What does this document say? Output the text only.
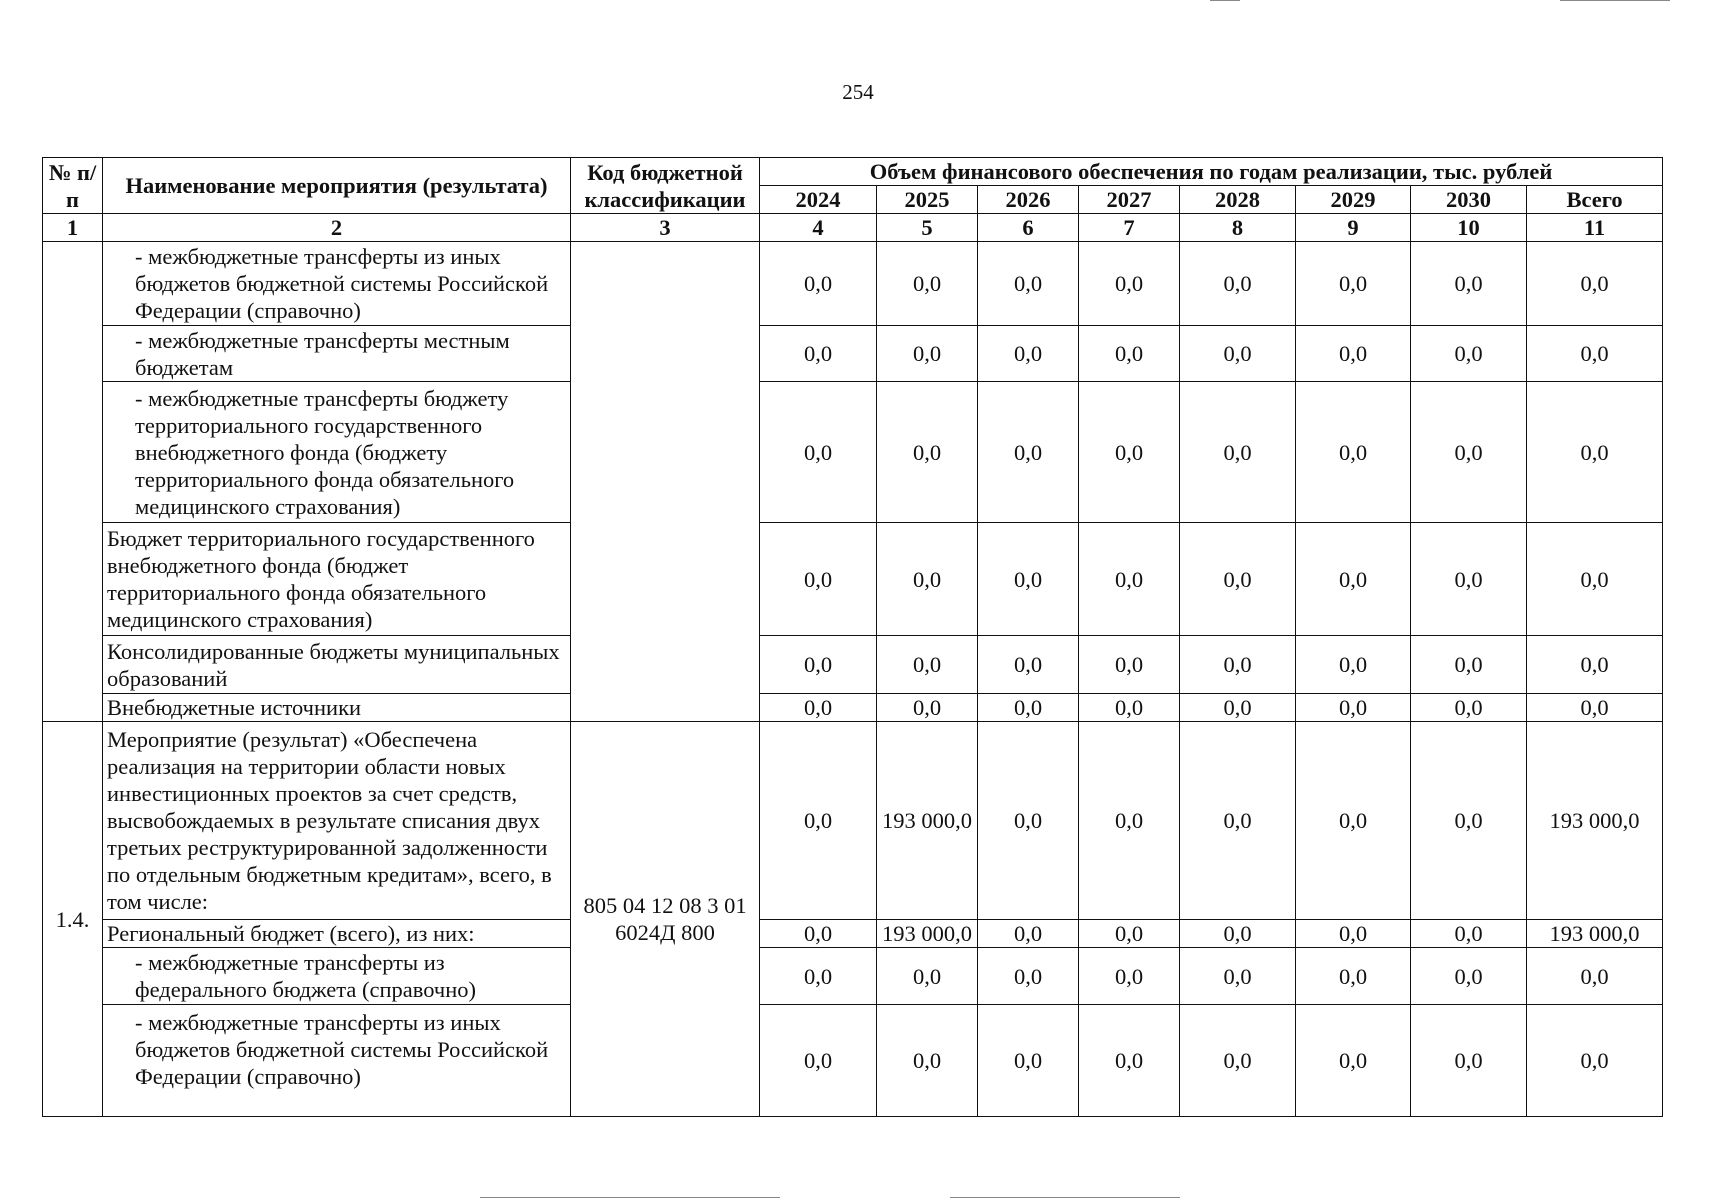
254
№ п/п	Наименование мероприятия (результата)	Код бюджетной классификации	Объем финансового обеспечения по годам реализации, тыс. рублей							
			2024	2025	2026	2027	2028	2029	2030	Всего
1	2	3	4	5	6	7	8	9	10	11
	- межбюджетные трансферты из иных бюджетов бюджетной системы Российской Федерации (справочно)		0,0	0,0	0,0	0,0	0,0	0,0	0,0	0,0
	- межбюджетные трансферты местным бюджетам		0,0	0,0	0,0	0,0	0,0	0,0	0,0	0,0
	- межбюджетные трансферты бюджету территориального государственного внебюджетного фонда (бюджету территориального фонда обязательного медицинского страхования)		0,0	0,0	0,0	0,0	0,0	0,0	0,0	0,0
	Бюджет территориального государственного внебюджетного фонда (бюджет территориального фонда обязательного медицинского страхования)		0,0	0,0	0,0	0,0	0,0	0,0	0,0	0,0
	Консолидированные бюджеты муниципальных образований		0,0	0,0	0,0	0,0	0,0	0,0	0,0	0,0
	Внебюджетные источники		0,0	0,0	0,0	0,0	0,0	0,0	0,0	0,0
1.4.	Мероприятие (результат) «Обеспечена реализация на территории области новых инвестиционных проектов за счет средств, высвобождаемых в результате списания двух третьих реструктурированной задолженности по отдельным бюджетным кредитам», всего, в том числе:	805 04 12 08 3 01 6024Д 800	0,0	193 000,0	0,0	0,0	0,0	0,0	0,0	193 000,0
	Региональный бюджет (всего), из них:		0,0	193 000,0	0,0	0,0	0,0	0,0	0,0	193 000,0
	- межбюджетные трансферты из федерального бюджета (справочно)		0,0	0,0	0,0	0,0	0,0	0,0	0,0	0,0
	- межбюджетные трансферты из иных бюджетов бюджетной системы Российской Федерации (справочно)		0,0	0,0	0,0	0,0	0,0	0,0	0,0	0,0
